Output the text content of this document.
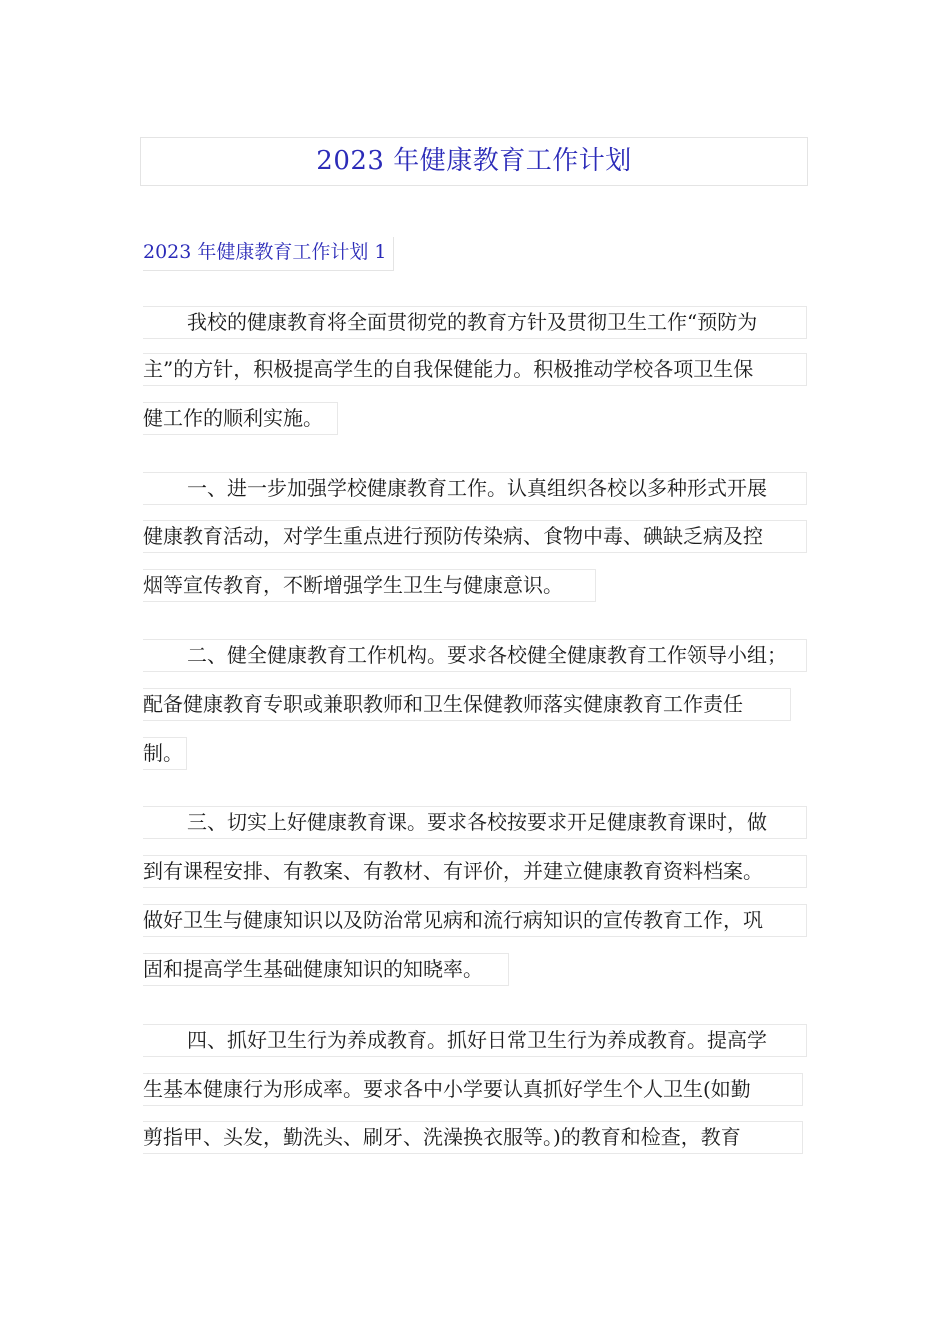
2023 年健康教育工作计划
2023 年健康教育工作计划 1
我校的健康教育将全面贯彻党的教育方针及贯彻卫生工作“预防为
主”的方针，积极提高学生的自我保健能力。积极推动学校各项卫生保
健工作的顺利实施。
一、进一步加强学校健康教育工作。认真组织各校以多种形式开展
健康教育活动，对学生重点进行预防传染病、食物中毒、碘缺乏病及控
烟等宣传教育，不断增强学生卫生与健康意识。
二、健全健康教育工作机构。要求各校健全健康教育工作领导小组；
配备健康教育专职或兼职教师和卫生保健教师落实健康教育工作责任
制。
三、切实上好健康教育课。要求各校按要求开足健康教育课时，做
到有课程安排、有教案、有教材、有评价，并建立健康教育资料档案。
做好卫生与健康知识以及防治常见病和流行病知识的宣传教育工作，巩
固和提高学生基础健康知识的知晓率。
四、抓好卫生行为养成教育。抓好日常卫生行为养成教育。提高学
生基本健康行为形成率。要求各中小学要认真抓好学生个人卫生(如勤
剪指甲、头发，勤洗头、刷牙、洗澡换衣服等。)的教育和检查，教育
